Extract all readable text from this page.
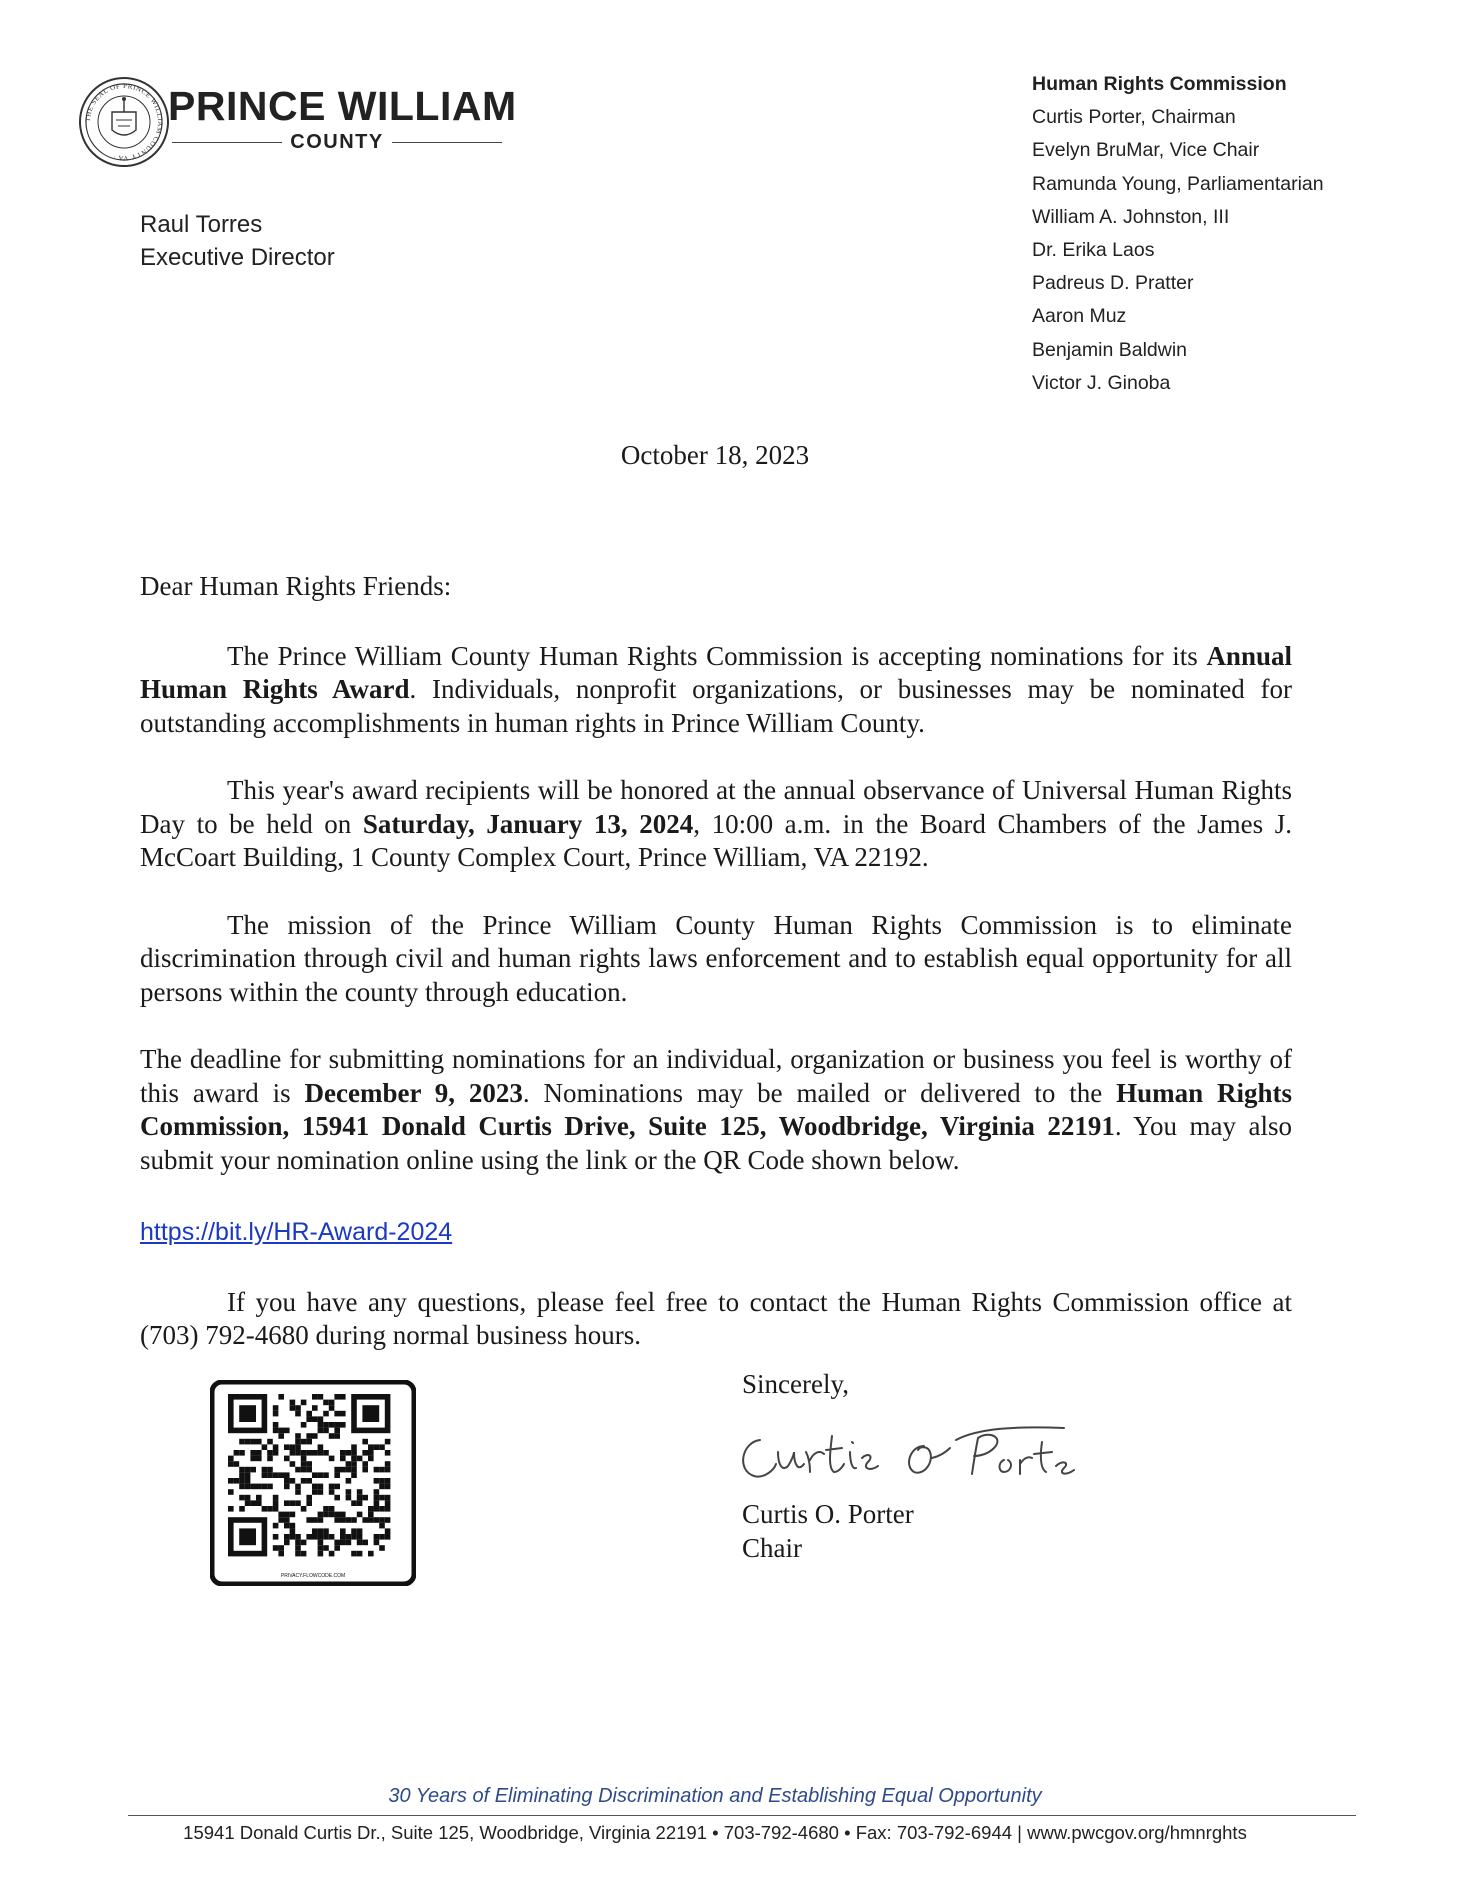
THE SEAL OF PRINCE WILLIAM COUNTY VA ·
PRINCE WILLIAM
COUNTY
Raul Torres
Executive Director
Human Rights Commission
Curtis Porter, Chairman
Evelyn BruMar, Vice Chair
Ramunda Young, Parliamentarian
William A. Johnston, III
Dr. Erika Laos
Padreus D. Pratter
Aaron Muz
Benjamin Baldwin
Victor J. Ginoba
October 18, 2023

Dear Human Rights Friends:

The Prince William County Human Rights Commission is accepting nominations for its Annual Human Rights Award. Individuals, nonprofit organizations, or businesses may be nominated for outstanding accomplishments in human rights in Prince William County.

This year's award recipients will be honored at the annual observance of Universal Human Rights Day to be held on Saturday, January 13, 2024, 10:00 a.m. in the Board Chambers of the James J. McCoart Building, 1 County Complex Court, Prince William, VA 22192.

The mission of the Prince William County Human Rights Commission is to eliminate discrimination through civil and human rights laws enforcement and to establish equal opportunity for all persons within the county through education.

The deadline for submitting nominations for an individual, organization or business you feel is worthy of this award is December 9, 2023. Nominations may be mailed or delivered to the Human Rights Commission, 15941 Donald Curtis Drive, Suite 125, Woodbridge, Virginia 22191. You may also submit your nomination online using the link or the QR Code shown below.

https://bit.ly/HR-Award-2024

If you have any questions, please feel free to contact the Human Rights Commission office at (703) 792-4680 during normal business hours.

PRIVACY.FLOWCODE.COM
Sincerely,
Curtis O. Porter
Chair
30 Years of Eliminating Discrimination and Establishing Equal Opportunity
15941 Donald Curtis Dr., Suite 125, Woodbridge, Virginia 22191 • 703-792-4680 • Fax: 703-792-6944 | www.pwcgov.org/hmnrghts
